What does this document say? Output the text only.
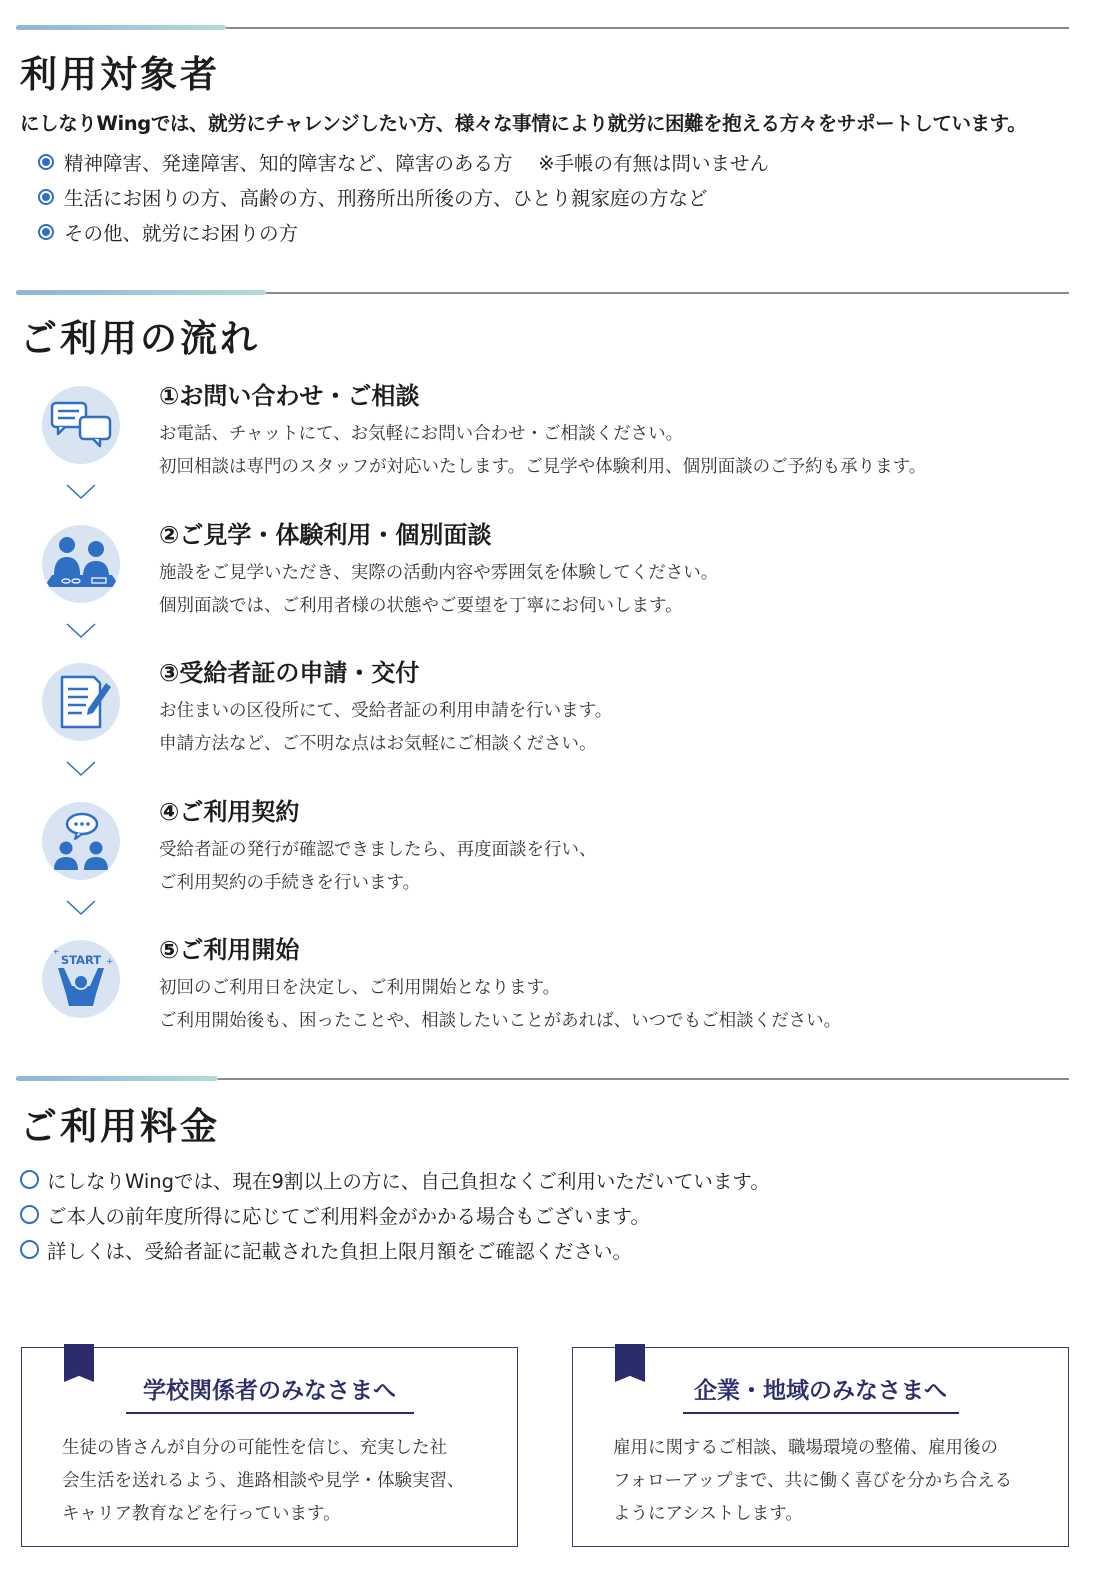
利用対象者
にしなりWingでは、就労にチャレンジしたい方、様々な事情により就労に困難を抱える方々をサポートしています。
精神障害、発達障害、知的障害など、障害のある方　 ※手帳の有無は問いません
生活にお困りの方、高齢の方、刑務所出所後の方、ひとり親家庭の方など
その他、就労にお困りの方
ご利用の流れ
①お問い合わせ・ご相談
お電話、チャットにて、お気軽にお問い合わせ・ご相談ください。
初回相談は専門のスタッフが対応いたします。ご見学や体験利用、個別面談のご予約も承ります。
②ご見学・体験利用・個別面談
施設をご見学いただき、実際の活動内容や雰囲気を体験してください。
個別面談では、ご利用者様の状態やご要望を丁寧にお伺いします。
③受給者証の申請・交付
お住まいの区役所にて、受給者証の利用申請を行います。
申請方法など、ご不明な点はお気軽にご相談ください。
④ご利用契約
受給者証の発行が確認できましたら、再度面談を行い、
ご利用契約の手続きを行います。
START
+
+ ⑤ご利用開始
初回のご利用日を決定し、ご利用開始となります。
ご利用開始後も、困ったことや、相談したいことがあれば、いつでもご相談ください。
ご利用料金
にしなりWingでは、現在9割以上の方に、自己負担なくご利用いただいています。
ご本人の前年度所得に応じてご利用料金がかかる場合もございます。
詳しくは、受給者証に記載された負担上限月額をご確認ください。
学校関係者のみなさまへ
生徒の皆さんが自分の可能性を信じ、充実した社
会生活を送れるよう、進路相談や見学・体験実習、
キャリア教育などを行っています。
企業・地域のみなさまへ
雇用に関するご相談、職場環境の整備、雇用後の
フォローアップまで、共に働く喜びを分かち合える
ようにアシストします。
